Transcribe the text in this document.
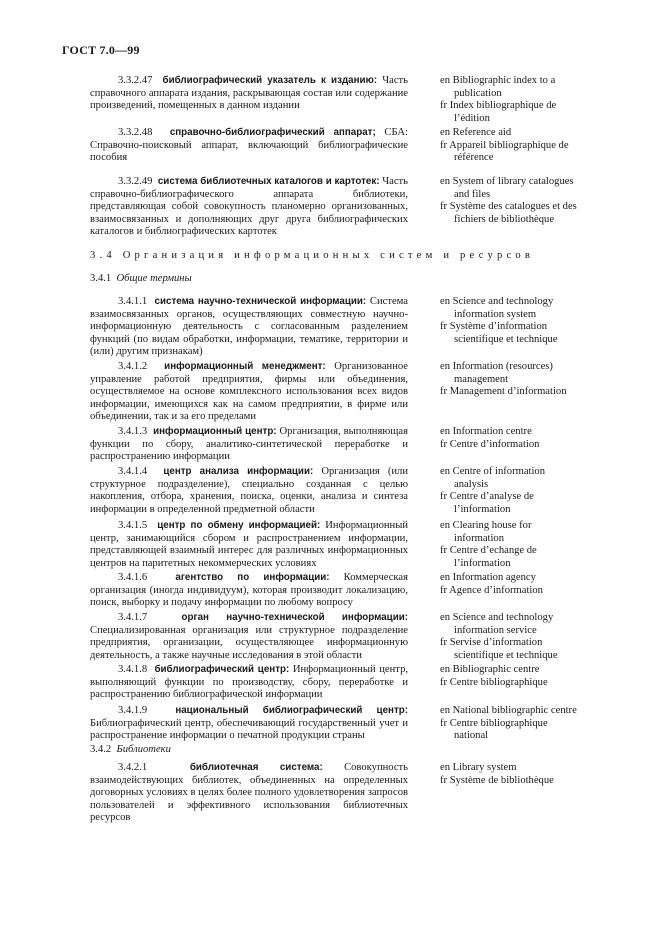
ГОСТ 7.0—99
3.4 Организация информационных систем и ресурсов
3.4.1 Общие термины
3.4.2 Библиотеки
3.3.2.47 библиографический указатель к изданию: Часть справочного аппарата издания, раскрывающая состав или содержание произведений, помещенных в данном издании
en Bibliographic index to a
publication
fr Index bibliographique de
l’édition
3.3.2.48 справочно-библиографический аппарат; СБА: Справочно-поисковый аппарат, включающий библиографические пособия
en Reference aid
fr Appareil bibliographique de
référence
3.3.2.49 система библиотечных каталогов и картотек: Часть справочно-библиографического аппарата библиотеки, представляющая собой совокупность планомерно организованных, взаимосвязанных и дополняющих друг друга библиографических каталогов и библиографических картотек
en System of library catalogues
and files
fr Système des catalogues et des
fichiers de bibliothèque
3.4.1.1 система научно-технической информации: Система взаимосвязанных органов, осуществляющих совместную научно-информационную деятельность с согласованным разделением функций (по видам обработки, информации, тематике, территории и (или) другим признакам)
en Science and technology
information system
fr Système d’information
scientifique et technique
3.4.1.2 информационный менеджмент: Организованное управление работой предприятия, фирмы или объединения, осуществляемое на основе комплексного использования всех видов информации, имеющихся как на самом предприятии, в фирме или объединении, так и за его пределами
en Information (resources)
management
fr Management d’information
3.4.1.3 информационный центр: Организация, выполняющая функции по сбору, аналитико-синтетической переработке и распространению информации
en Information centre
fr Centre d’information
3.4.1.4 центр анализа информации: Организация (или структурное подразделение), специально созданная с целью накопления, отбора, хранения, поиска, оценки, анализа и синтеза информации в определенной предметной области
en Centre of information
analysis
fr Centre d’analyse de
l’information
3.4.1.5 центр по обмену информацией: Информационный центр, занимающийся сбором и распространением информации, представляющей взаимный интерес для различных информационных центров на паритетных некоммерческих условиях
en Clearing house for
information
fr Centre d’echange de
l’information
3.4.1.6	агентство по информации: Коммерческая организация (иногда индивидуум), которая производит локализацию, поиск, выборку и подачу информации по любому вопросу
en Information agency
fr Agence d’information
3.4.1.7	орган научно-технической информации: Специализированная организация или структурное подразделение предприятия, организации, осуществляющее информационную деятельность, а также научные исследования в этой области
en Science and technology
information service
fr Servise d’information
scientifique et technique
3.4.1.8 библиографический центр: Информационный центр, выполняющий функции по производству, сбору, переработке и распространению библиографической информации
en Bibliographic centre
fr Centre bibliographique
3.4.1.9	национальный библиографический центр: Библиографический центр, обеспечивающий государственный учет и распространение информации о печатной продукции страны
en National bibliographic centre
fr Centre bibliographique
national
3.4.2.1	библиотечная система: Совокупность взаимодействующих библиотек, объединенных на определенных договорных условиях в целях более полного удовлетворения запросов пользователей и эффективного использования библиотечных ресурсов
en Library system
fr Système de bibliothèque
